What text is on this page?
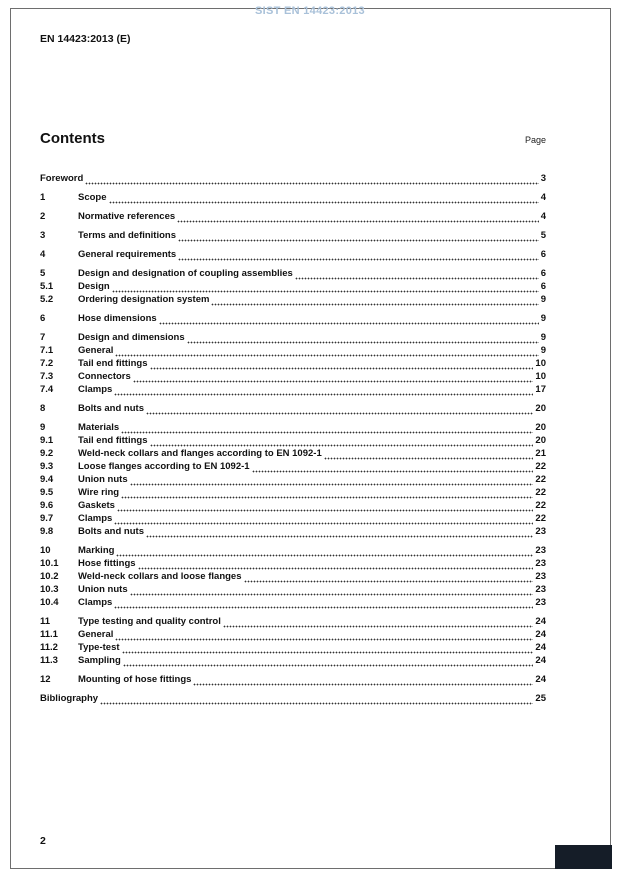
SIST EN 14423:2013
EN 14423:2013 (E)
Contents	Page
Foreword	3
1	Scope	4
2	Normative references	4
3	Terms and definitions	5
4	General requirements	6
5	Design and designation of coupling assemblies	6
5.1	Design	6
5.2	Ordering designation system	9
6	Hose dimensions	9
7	Design and dimensions	9
7.1	General	9
7.2	Tail end fittings	10
7.3	Connectors	10
7.4	Clamps	17
8	Bolts and nuts	20
9	Materials	20
9.1	Tail end fittings	20
9.2	Weld-neck collars and flanges according to EN 1092-1	21
9.3	Loose flanges according to EN 1092-1	22
9.4	Union nuts	22
9.5	Wire ring	22
9.6	Gaskets	22
9.7	Clamps	22
9.8	Bolts and nuts	23
10	Marking	23
10.1	Hose fittings	23
10.2	Weld-neck collars and loose flanges	23
10.3	Union nuts	23
10.4	Clamps	23
11	Type testing and quality control	24
11.1	General	24
11.2	Type-test	24
11.3	Sampling	24
12	Mounting of hose fittings	24
Bibliography	25
2
